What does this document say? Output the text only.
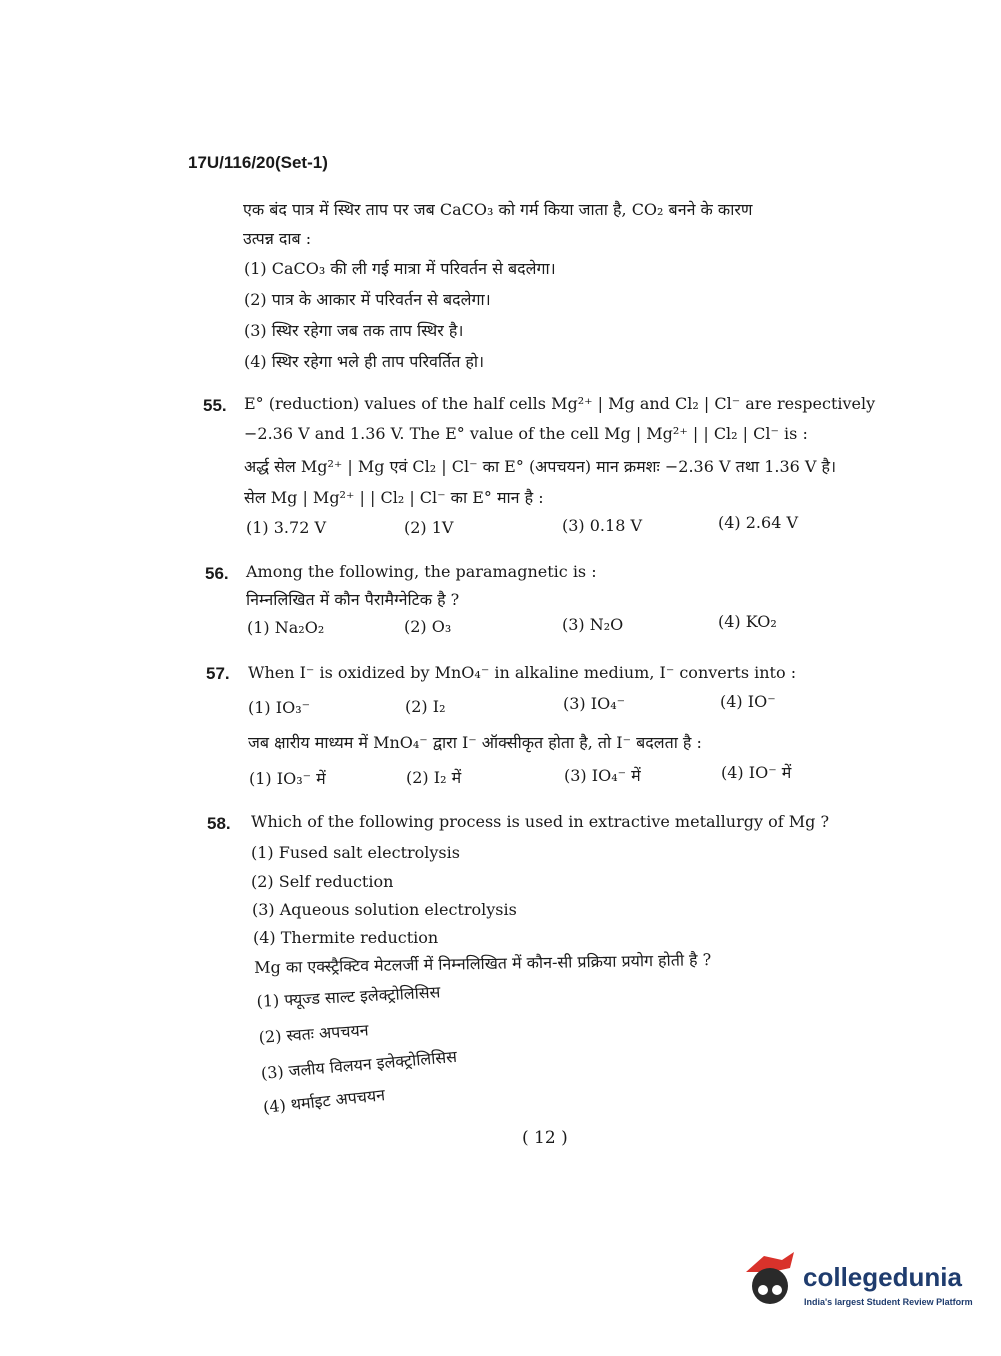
17U/116/20(Set-1)
एक बंद पात्र में स्थिर ताप पर जब CaCO₃ को गर्म किया जाता है, CO₂ बनने के कारण
उत्पन्न दाब :
(1) CaCO₃ की ली गई मात्रा में परिवर्तन से बदलेगा।
(2) पात्र के आकार में परिवर्तन से बदलेगा।
(3) स्थिर रहेगा जब तक ताप स्थिर है।
(4) स्थिर रहेगा भले ही ताप परिवर्तित हो।
55. E° (reduction) values of the half cells Mg²⁺ | Mg and Cl₂ | Cl⁻ are respectively
−2.36 V and 1.36 V. The E° value of the cell Mg | Mg²⁺ | | Cl₂ | Cl⁻ is :
अर्द्ध सेल Mg²⁺ | Mg एवं Cl₂ | Cl⁻ का E° (अपचयन) मान क्रमशः −2.36 V तथा 1.36 V है।
सेल Mg | Mg²⁺ | | Cl₂ | Cl⁻ का E° मान है :
(1) 3.72 V	(2) 1V	(3) 0.18 V	(4) 2.64 V
56. Among the following, the paramagnetic is :
निम्नलिखित में कौन पैरामैग्नेटिक है ?
(1) Na₂O₂	(2) O₃	(3) N₂O	(4) KO₂
57. When I⁻ is oxidized by MnO₄⁻ in alkaline medium, I⁻ converts into :
(1) IO₃⁻	(2) I₂	(3) IO₄⁻	(4) IO⁻
जब क्षारीय माध्यम में MnO₄⁻ द्वारा I⁻ ऑक्सीकृत होता है, तो I⁻ बदलता है :
(1) IO₃⁻ में	(2) I₂ में	(3) IO₄⁻ में	(4) IO⁻ में
58. Which of the following process is used in extractive metallurgy of Mg ?
(1) Fused salt electrolysis
(2) Self reduction
(3) Aqueous solution electrolysis
(4) Thermite reduction
Mg का एक्स्ट्रैक्टिव मेटलर्जी में निम्नलिखित में कौन-सी प्रक्रिया प्रयोग होती है ?
(1) फ्यूज्ड साल्ट इलेक्ट्रोलिसिस
(2) स्वतः अपचयन
(3) जलीय विलयन इलेक्ट्रोलिसिस
(4) थर्माइट अपचयन
( 12 )
collegedunia
India's largest Student Review Platform
